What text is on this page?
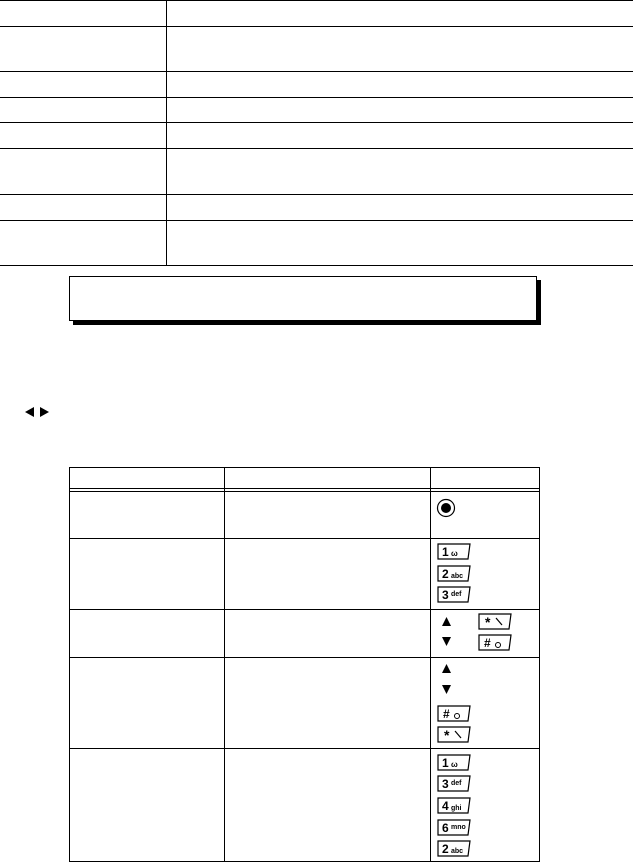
1 ω
2 abc
3 def
*
#
#
*
1 ω
3 def
4 ghi
6 mno
2 abc
